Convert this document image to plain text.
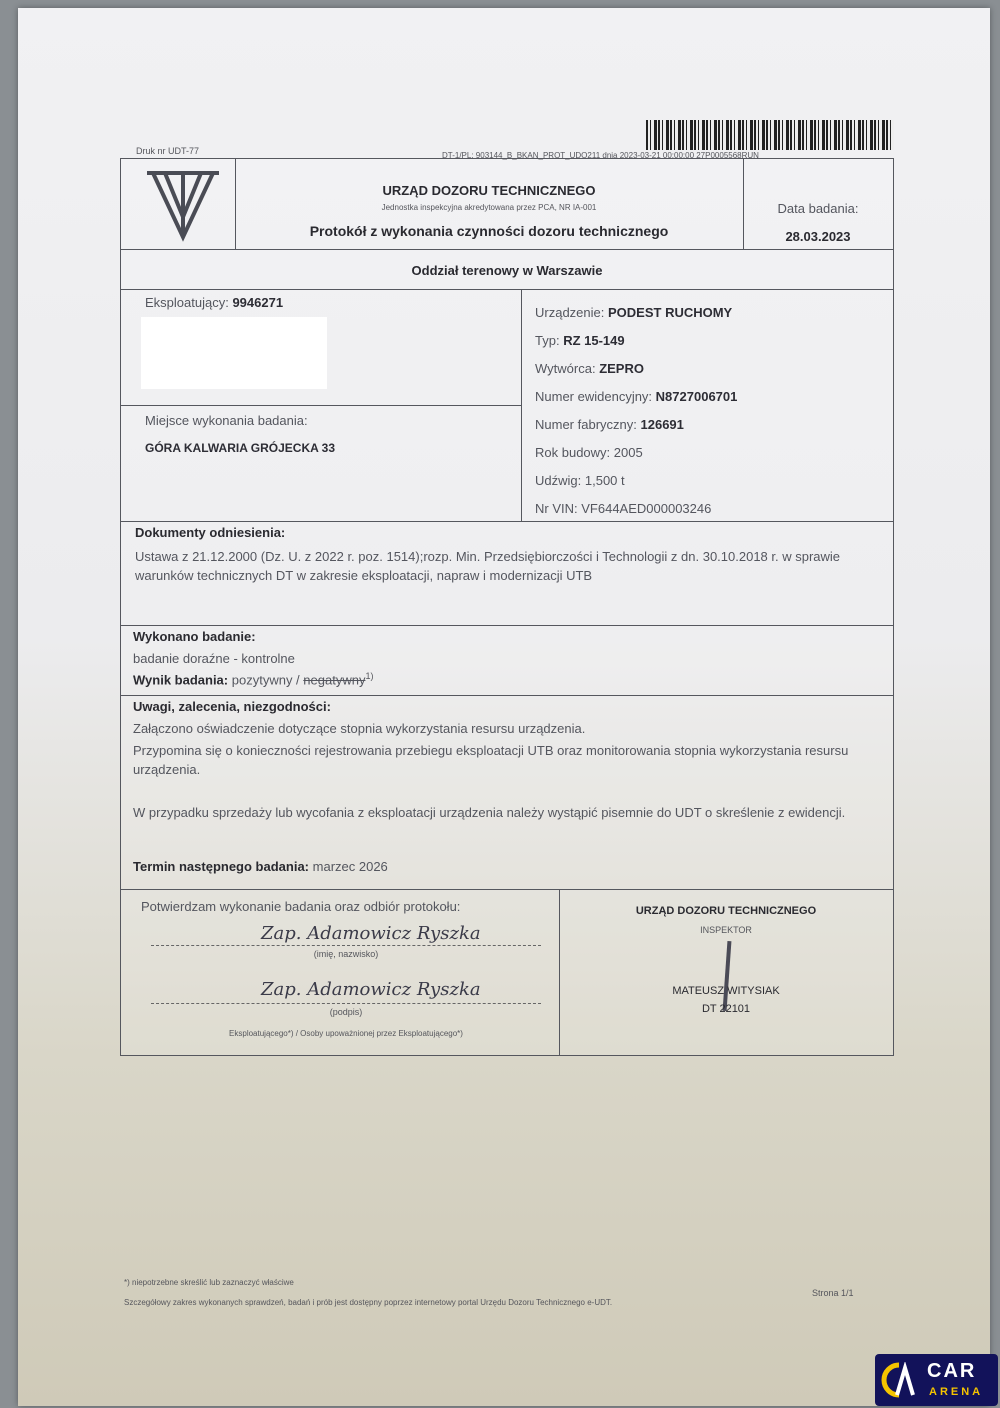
Druk nr UDT-77	DT-1/PL: 903144_B_BKAN_PROT_UDO211 dnia 2023-03-21 00:00:00 27P0005568RUN
URZĄD DOZORU TECHNICZNEGO
Jednostka inspekcyjna akredytowana przez PCA, NR IA-001
Protokół z wykonania czynności dozoru technicznego
Data badania:
28.03.2023
Oddział terenowy w Warszawie
Eksploatujący: 9946271
Miejsce wykonania badania:
GÓRA KALWARIA GRÓJECKA 33
Urządzenie: PODEST RUCHOMY
Typ: RZ 15-149
Wytwórca: ZEPRO
Numer ewidencyjny: N8727006701
Numer fabryczny: 126691
Rok budowy: 2005
Udźwig: 1,500 t
Nr VIN: VF644AED000003246
Dokumenty odniesienia:
Ustawa z 21.12.2000 (Dz. U. z 2022 r. poz. 1514);rozp. Min. Przedsiębiorczości i Technologii z dn. 30.10.2018 r. w sprawie warunków technicznych DT w zakresie eksploatacji, napraw i modernizacji UTB
Wykonano badanie:
badanie doraźne - kontrolne
Wynik badania: pozytywny / negatywny$^{1)}$
Uwagi, zalecenia, niezgodności:
Załączono oświadczenie dotyczące stopnia wykorzystania resursu urządzenia.
Przypomina się o konieczności rejestrowania przebiegu eksploatacji UTB oraz monitorowania stopnia wykorzystania resursu urządzenia.
W przypadku sprzedaży lub wycofania z eksploatacji urządzenia należy wystąpić pisemnie do UDT o skreślenie z ewidencji.
Termin następnego badania: marzec 2026
Potwierdzam wykonanie badania oraz odbiór protokołu:
Zap. Adamowicz Ryszka
(imię, nazwisko)
Zap. Adamowicz Ryszka
(podpis)
Eksploatującego*) / Osoby upoważnionej przez Eksploatującego*)
URZĄD DOZORU TECHNICZNEGO
INSPEKTOR
MATEUSZ WITYSIAK
DT 22101
*) niepotrzebne skreślić lub zaznaczyć właściwe
Szczegółowy zakres wykonanych sprawdzeń, badań i prób jest dostępny poprzez internetowy portal Urzędu Dozoru Technicznego e-UDT.
Strona 1/1
CAR
ARENA
